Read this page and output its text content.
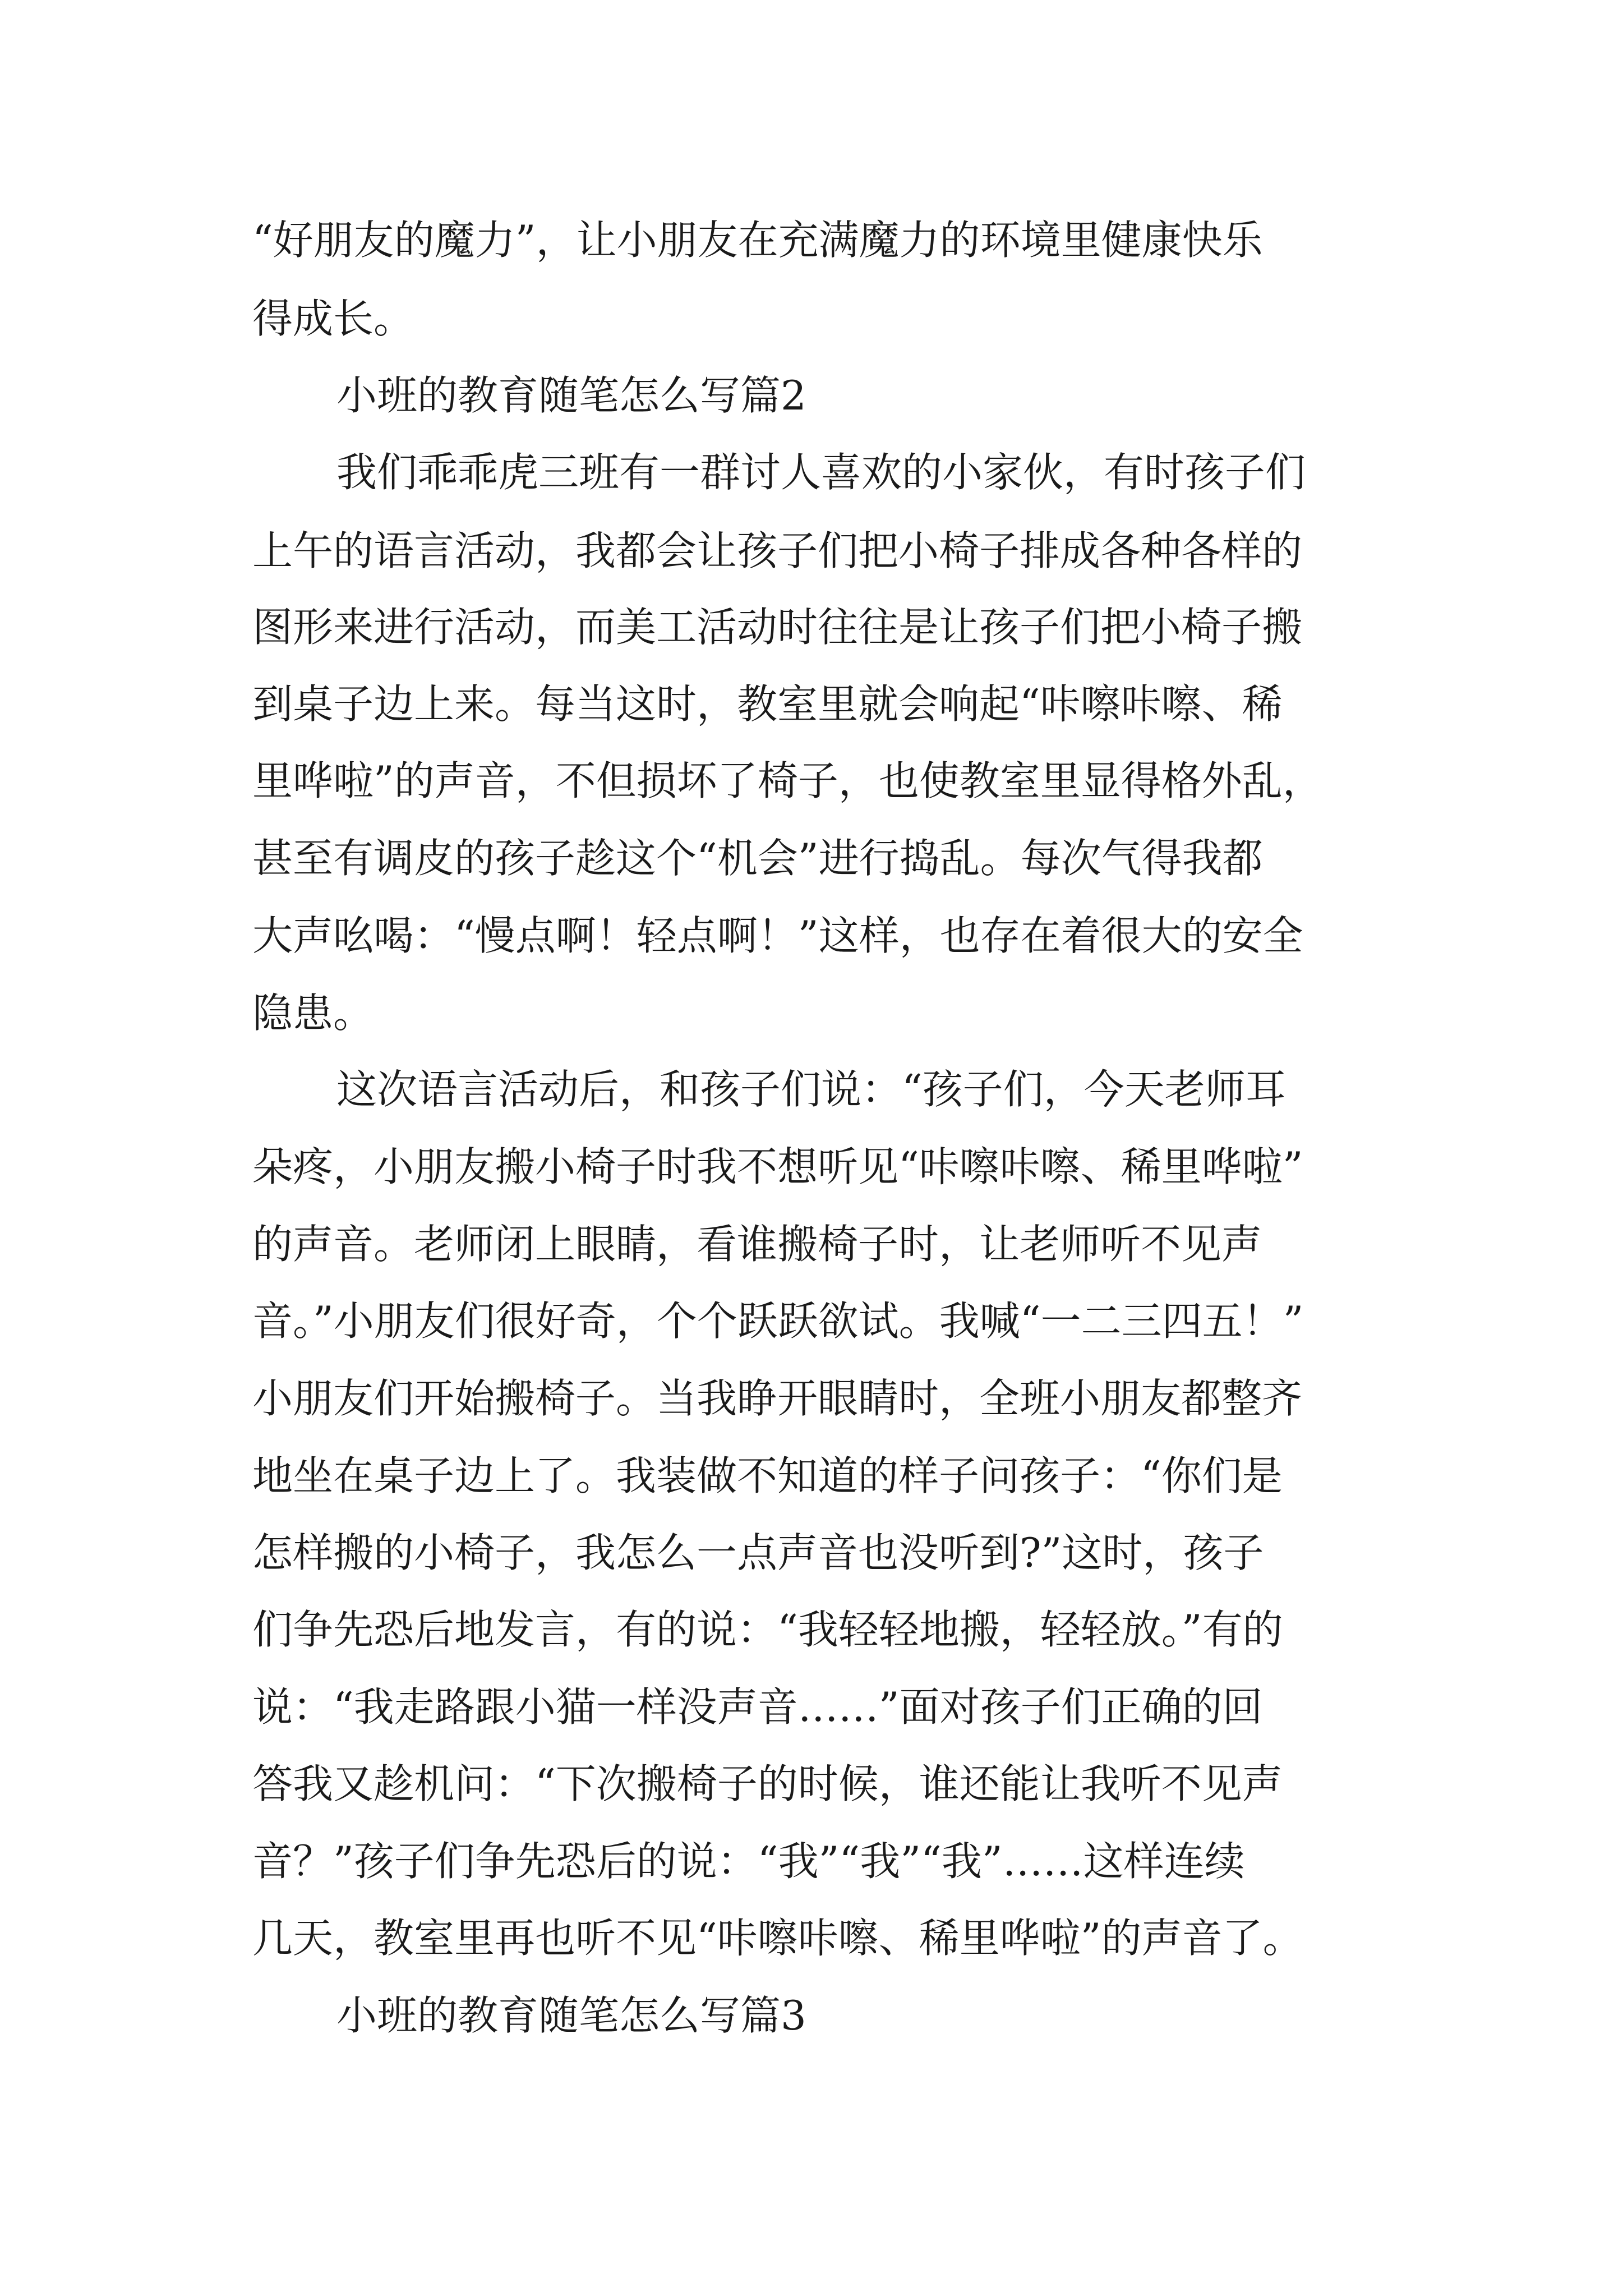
“好朋友的魔力”，让小朋友在充满魔力的环境里健康快乐

得成长。

小班的教育随笔怎么写篇2

我们乖乖虎三班有一群讨人喜欢的小家伙，有时孩子们

上午的语言活动，我都会让孩子们把小椅子排成各种各样的

图形来进行活动，而美工活动时往往是让孩子们把小椅子搬

到桌子边上来。每当这时，教室里就会响起“咔嚓咔嚓、稀

里哗啦”的声音，不但损坏了椅子，也使教室里显得格外乱，

甚至有调皮的孩子趁这个“机会”进行捣乱。每次气得我都

大声吆喝：“慢点啊！轻点啊！”这样，也存在着很大的安全

隐患。

这次语言活动后，和孩子们说：“孩子们，今天老师耳

朵疼，小朋友搬小椅子时我不想听见“咔嚓咔嚓、稀里哗啦”

的声音。老师闭上眼睛，看谁搬椅子时，让老师听不见声

音。”小朋友们很好奇，个个跃跃欲试。我喊“一二三四五！”

小朋友们开始搬椅子。当我睁开眼睛时，全班小朋友都整齐

地坐在桌子边上了。我装做不知道的样子问孩子：“你们是

怎样搬的小椅子，我怎么一点声音也没听到?”这时，孩子

们争先恐后地发言，有的说：“我轻轻地搬，轻轻放。”有的

说：“我走路跟小猫一样没声音……”面对孩子们正确的回

答我又趁机问：“下次搬椅子的时候，谁还能让我听不见声

音？”孩子们争先恐后的说：“我”“我”“我”……这样连续

几天，教室里再也听不见“咔嚓咔嚓、稀里哗啦”的声音了。

小班的教育随笔怎么写篇3
